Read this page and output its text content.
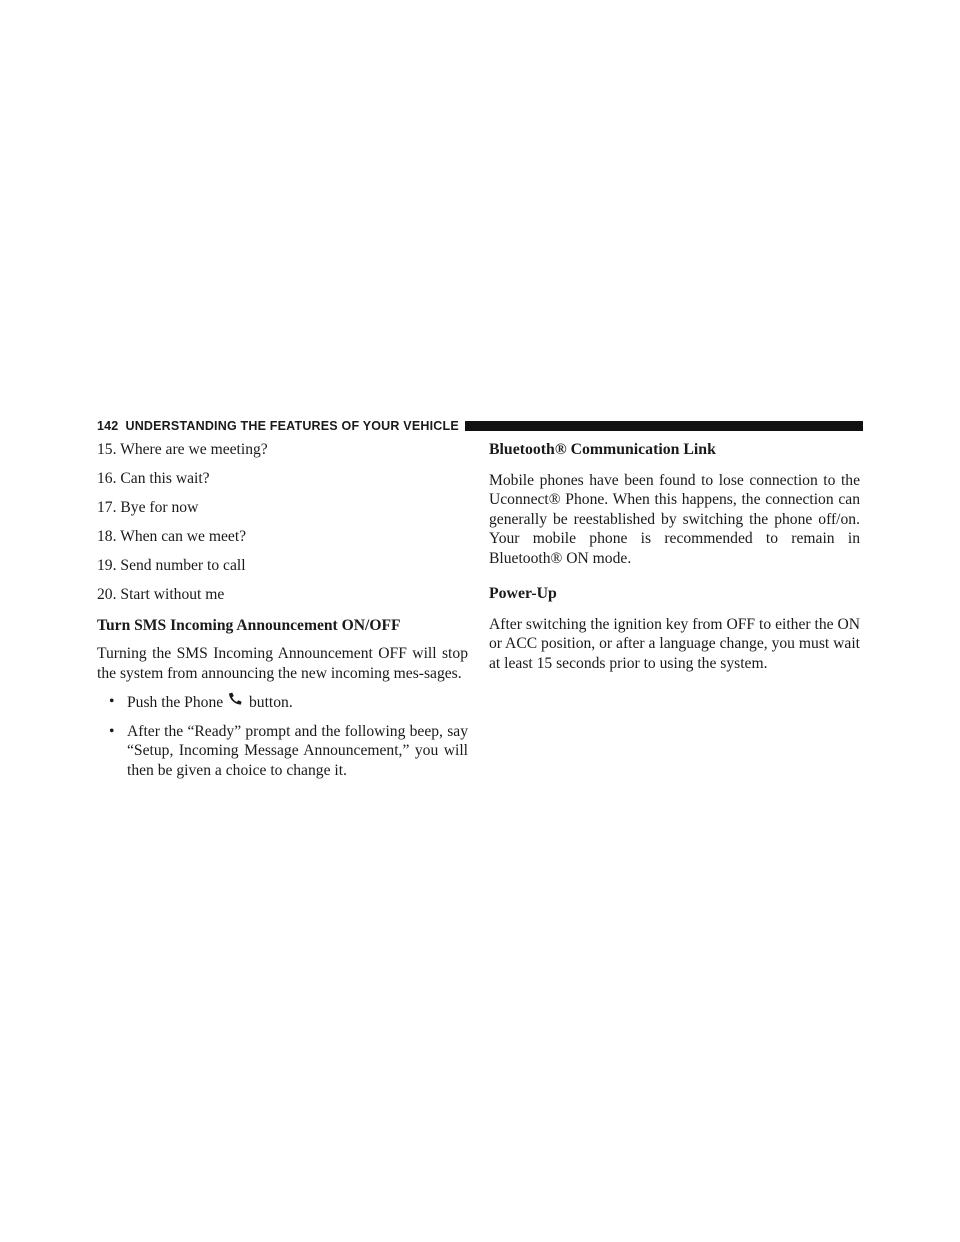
142 UNDERSTANDING THE FEATURES OF YOUR VEHICLE
15. Where are we meeting?
16. Can this wait?
17. Bye for now
18. When can we meet?
19. Send number to call
20. Start without me
Turn SMS Incoming Announcement ON/OFF
Turning the SMS Incoming Announcement OFF will stop the system from announcing the new incoming mes-sages.
• Push the Phone button.
• After the “Ready” prompt and the following beep, say “Setup, Incoming Message Announcement,” you will then be given a choice to change it.
Bluetooth® Communication Link
Mobile phones have been found to lose connection to the Uconnect® Phone. When this happens, the connection can generally be reestablished by switching the phone off/on. Your mobile phone is recommended to remain in Bluetooth® ON mode.
Power-Up
After switching the ignition key from OFF to either the ON or ACC position, or after a language change, you must wait at least 15 seconds prior to using the system.
